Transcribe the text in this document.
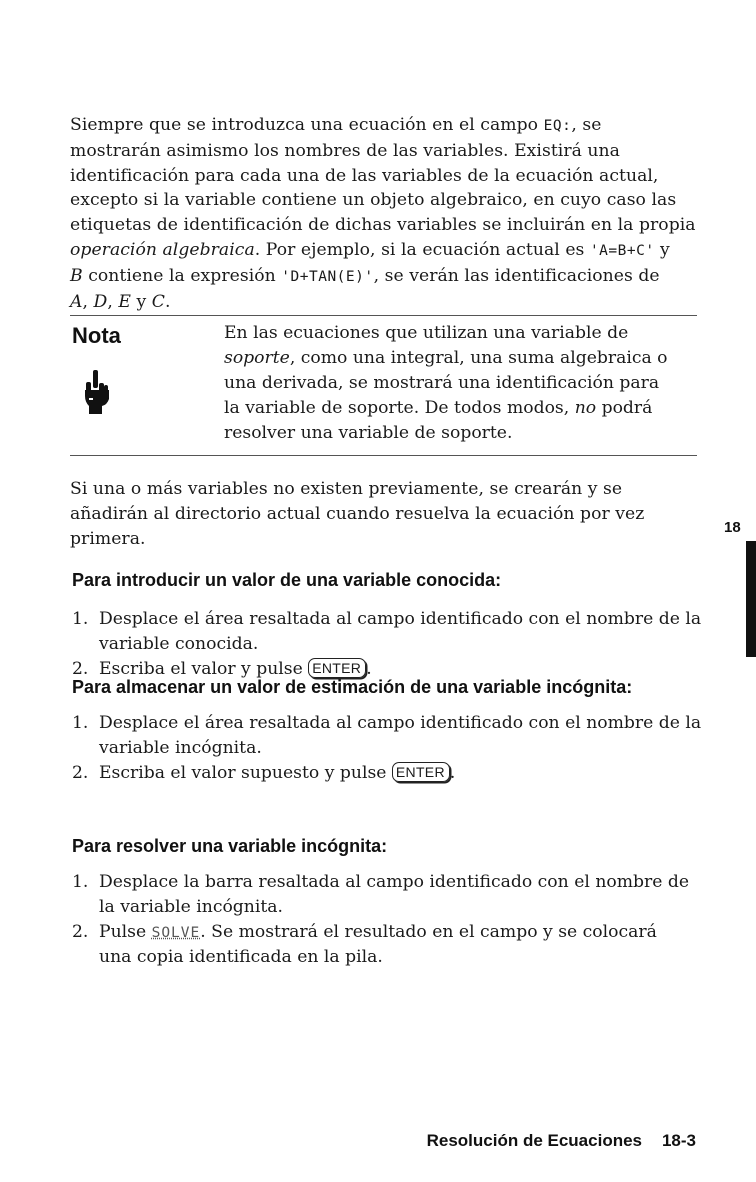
Siempre que se introduzca una ecuación en el campo EQ:, se
mostrarán asimismo los nombres de las variables. Existirá una
identificación para cada una de las variables de la ecuación actual,
excepto si la variable contiene un objeto algebraico, en cuyo caso las
etiquetas de identificación de dichas variables se incluirán en la propia
operación algebraica. Por ejemplo, si la ecuación actual es 'A=B+C' y
B contiene la expresión 'D+TAN(E)', se verán las identificaciones de
A, D, E y C.
Nota	En las ecuaciones que utilizan una variable de
soporte, como una integral, una suma algebraica o
una derivada, se mostrará una identificación para
la variable de soporte. De todos modos, no podrá
resolver una variable de soporte.
Si una o más variables no existen previamente, se crearán y se
añadirán al directorio actual cuando resuelva la ecuación por vez
primera.
Para introducir un valor de una variable conocida:
1. Desplace el área resaltada al campo identificado con el nombre de la
variable conocida.
2. Escriba el valor y pulse ENTER .
Para almacenar un valor de estimación de una variable incógnita:
1. Desplace el área resaltada al campo identificado con el nombre de la
variable incógnita.
2. Escriba el valor supuesto y pulse ENTER .
Para resolver una variable incógnita:
1. Desplace la barra resaltada al campo identificado con el nombre de
la variable incógnita.
2. Pulse SOLVE. Se mostrará el resultado en el campo y se colocará
una copia identificada en la pila.
18
Resolución de Ecuaciones 18-3
